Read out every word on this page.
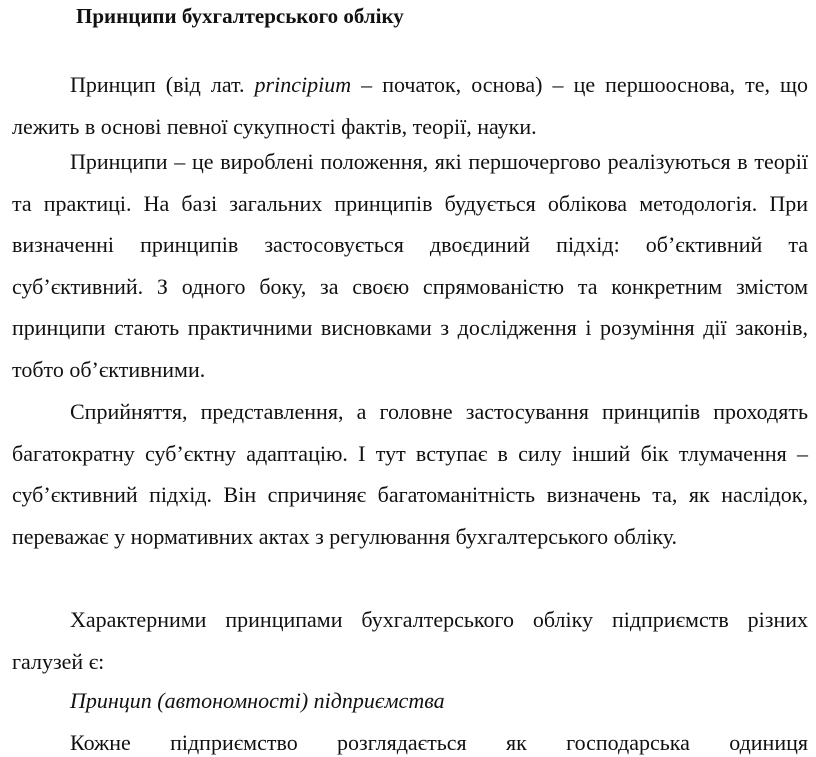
Принципи бухгалтерського обліку

Принцип (від лат. principium – початок, основа) – це першооснова, те, що лежить в основі певної сукупності фактів, теорії, науки.

Принципи – це вироблені положення, які першочергово реалізуються в теорії та практиці. На базі загальних принципів будується облікова методологія. При визначенні принципів застосовується двоєдиний підхід: об’єктивний та суб’єктивний. З одного боку, за своєю спрямованістю та конкретним змістом принципи стають практичними висновками з дослідження і розуміння дії законів, тобто об’єктивними.

Сприйняття, представлення, а головне застосування принципів проходять багатократну суб’єктну адаптацію. І тут вступає в силу інший бік тлумачення – суб’єктивний підхід. Він спричиняє багатоманітність визначень та, як наслідок, переважає у нормативних актах з регулювання бухгалтерського обліку.

Характерними принципами бухгалтерського обліку підприємств різних галузей є:

Принцип (автономності) підприємства

Кожне підприємство розглядається як господарська одиниця
